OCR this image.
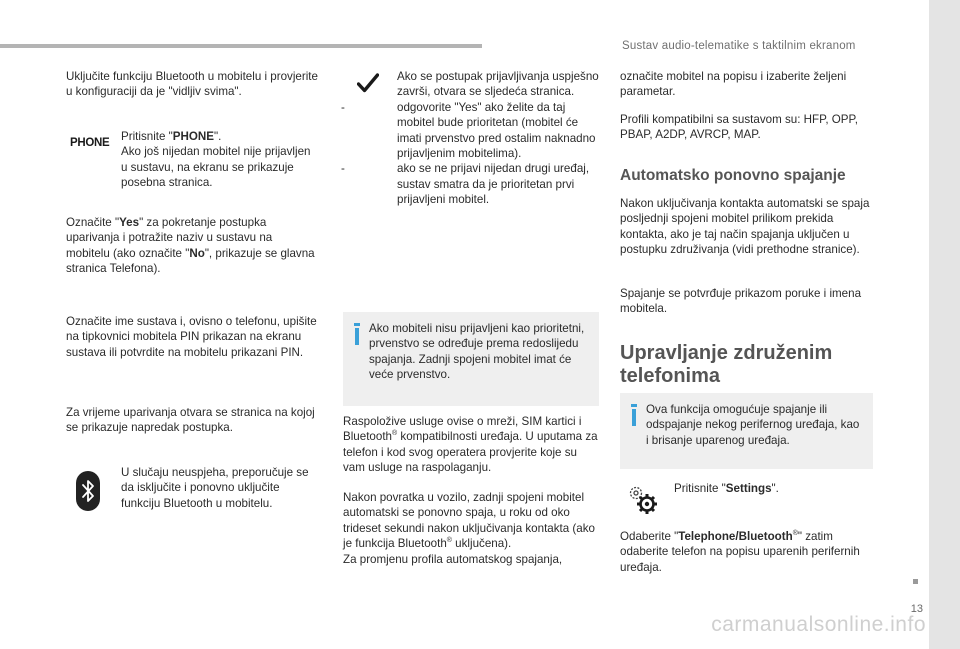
Sustav audio-telematike s taktilnim ekranom
13
carmanualsonline.info

Uključite funkciju Bluetooth u mobitelu i provjerite u konfiguraciji da je "vidljiv svima".

PHONE Pritisnite "PHONE".
Ako još nijedan mobitel nije prijavljen u sustavu, na ekranu se prikazuje posebna stranica.

Označite "Yes" za pokretanje postupka uparivanja i potražite naziv u sustavu na mobitelu (ako označite "No", prikazuje se glavna stranica Telefona).

Označite ime sustava i, ovisno o telefonu, upišite na tipkovnici mobitela PIN prikazan na ekranu sustava ili potvrdite na mobitelu prikazani PIN.

Za vrijeme uparivanja otvara se stranica na kojoj se prikazuje napredak postupka.

U slučaju neuspjeha, preporučuje se da isključite i ponovno uključite funkciju Bluetooth u mobitelu.

Ako se postupak prijavljivanja uspješno završi, otvara se sljedeća stranica.

-	odgovorite "Yes" ako želite da taj mobitel bude prioritetan (mobitel će imati prvenstvo pred ostalim naknadno prijavljenim mobitelima).
-	ako se ne prijavi nijedan drugi uređaj, sustav smatra da je prioritetan prvi prijavljeni mobitel.

Ako mobiteli nisu prijavljeni kao prioritetni, prvenstvo se određuje prema redoslijedu spajanja. Zadnji spojeni mobitel imat će veće prvenstvo.

Raspoložive usluge ovise o mreži, SIM kartici i Bluetooth® kompatibilnosti uređaja. U uputama za telefon i kod svog operatera provjerite koje su vam usluge na raspolaganju.

Nakon povratka u vozilo, zadnji spojeni mobitel automatski se ponovno spaja, u roku od oko trideset sekundi nakon uključivanja kontakta (ako je funkcija Bluetooth® uključena).
Za promjenu profila automatskog spajanja,

označite mobitel na popisu i izaberite željeni parametar.

Profili kompatibilni sa sustavom su: HFP, OPP, PBAP, A2DP, AVRCP, MAP.

Automatsko ponovno spajanje

Nakon uključivanja kontakta automatski se spaja posljednji spojeni mobitel prilikom prekida kontakta, ako je taj način spajanja uključen u postupku združivanja (vidi prethodne stranice).

Spajanje se potvrđuje prikazom poruke i imena mobitela.

Upravljanje združenim telefonima

Ova funkcija omogućuje spajanje ili odspajanje nekog perifernog uređaja, kao i brisanje uparenog uređaja.

Pritisnite "Settings".

Odaberite "Telephone/Bluetooth®" zatim odaberite telefon na popisu uparenih perifernih uređaja.
